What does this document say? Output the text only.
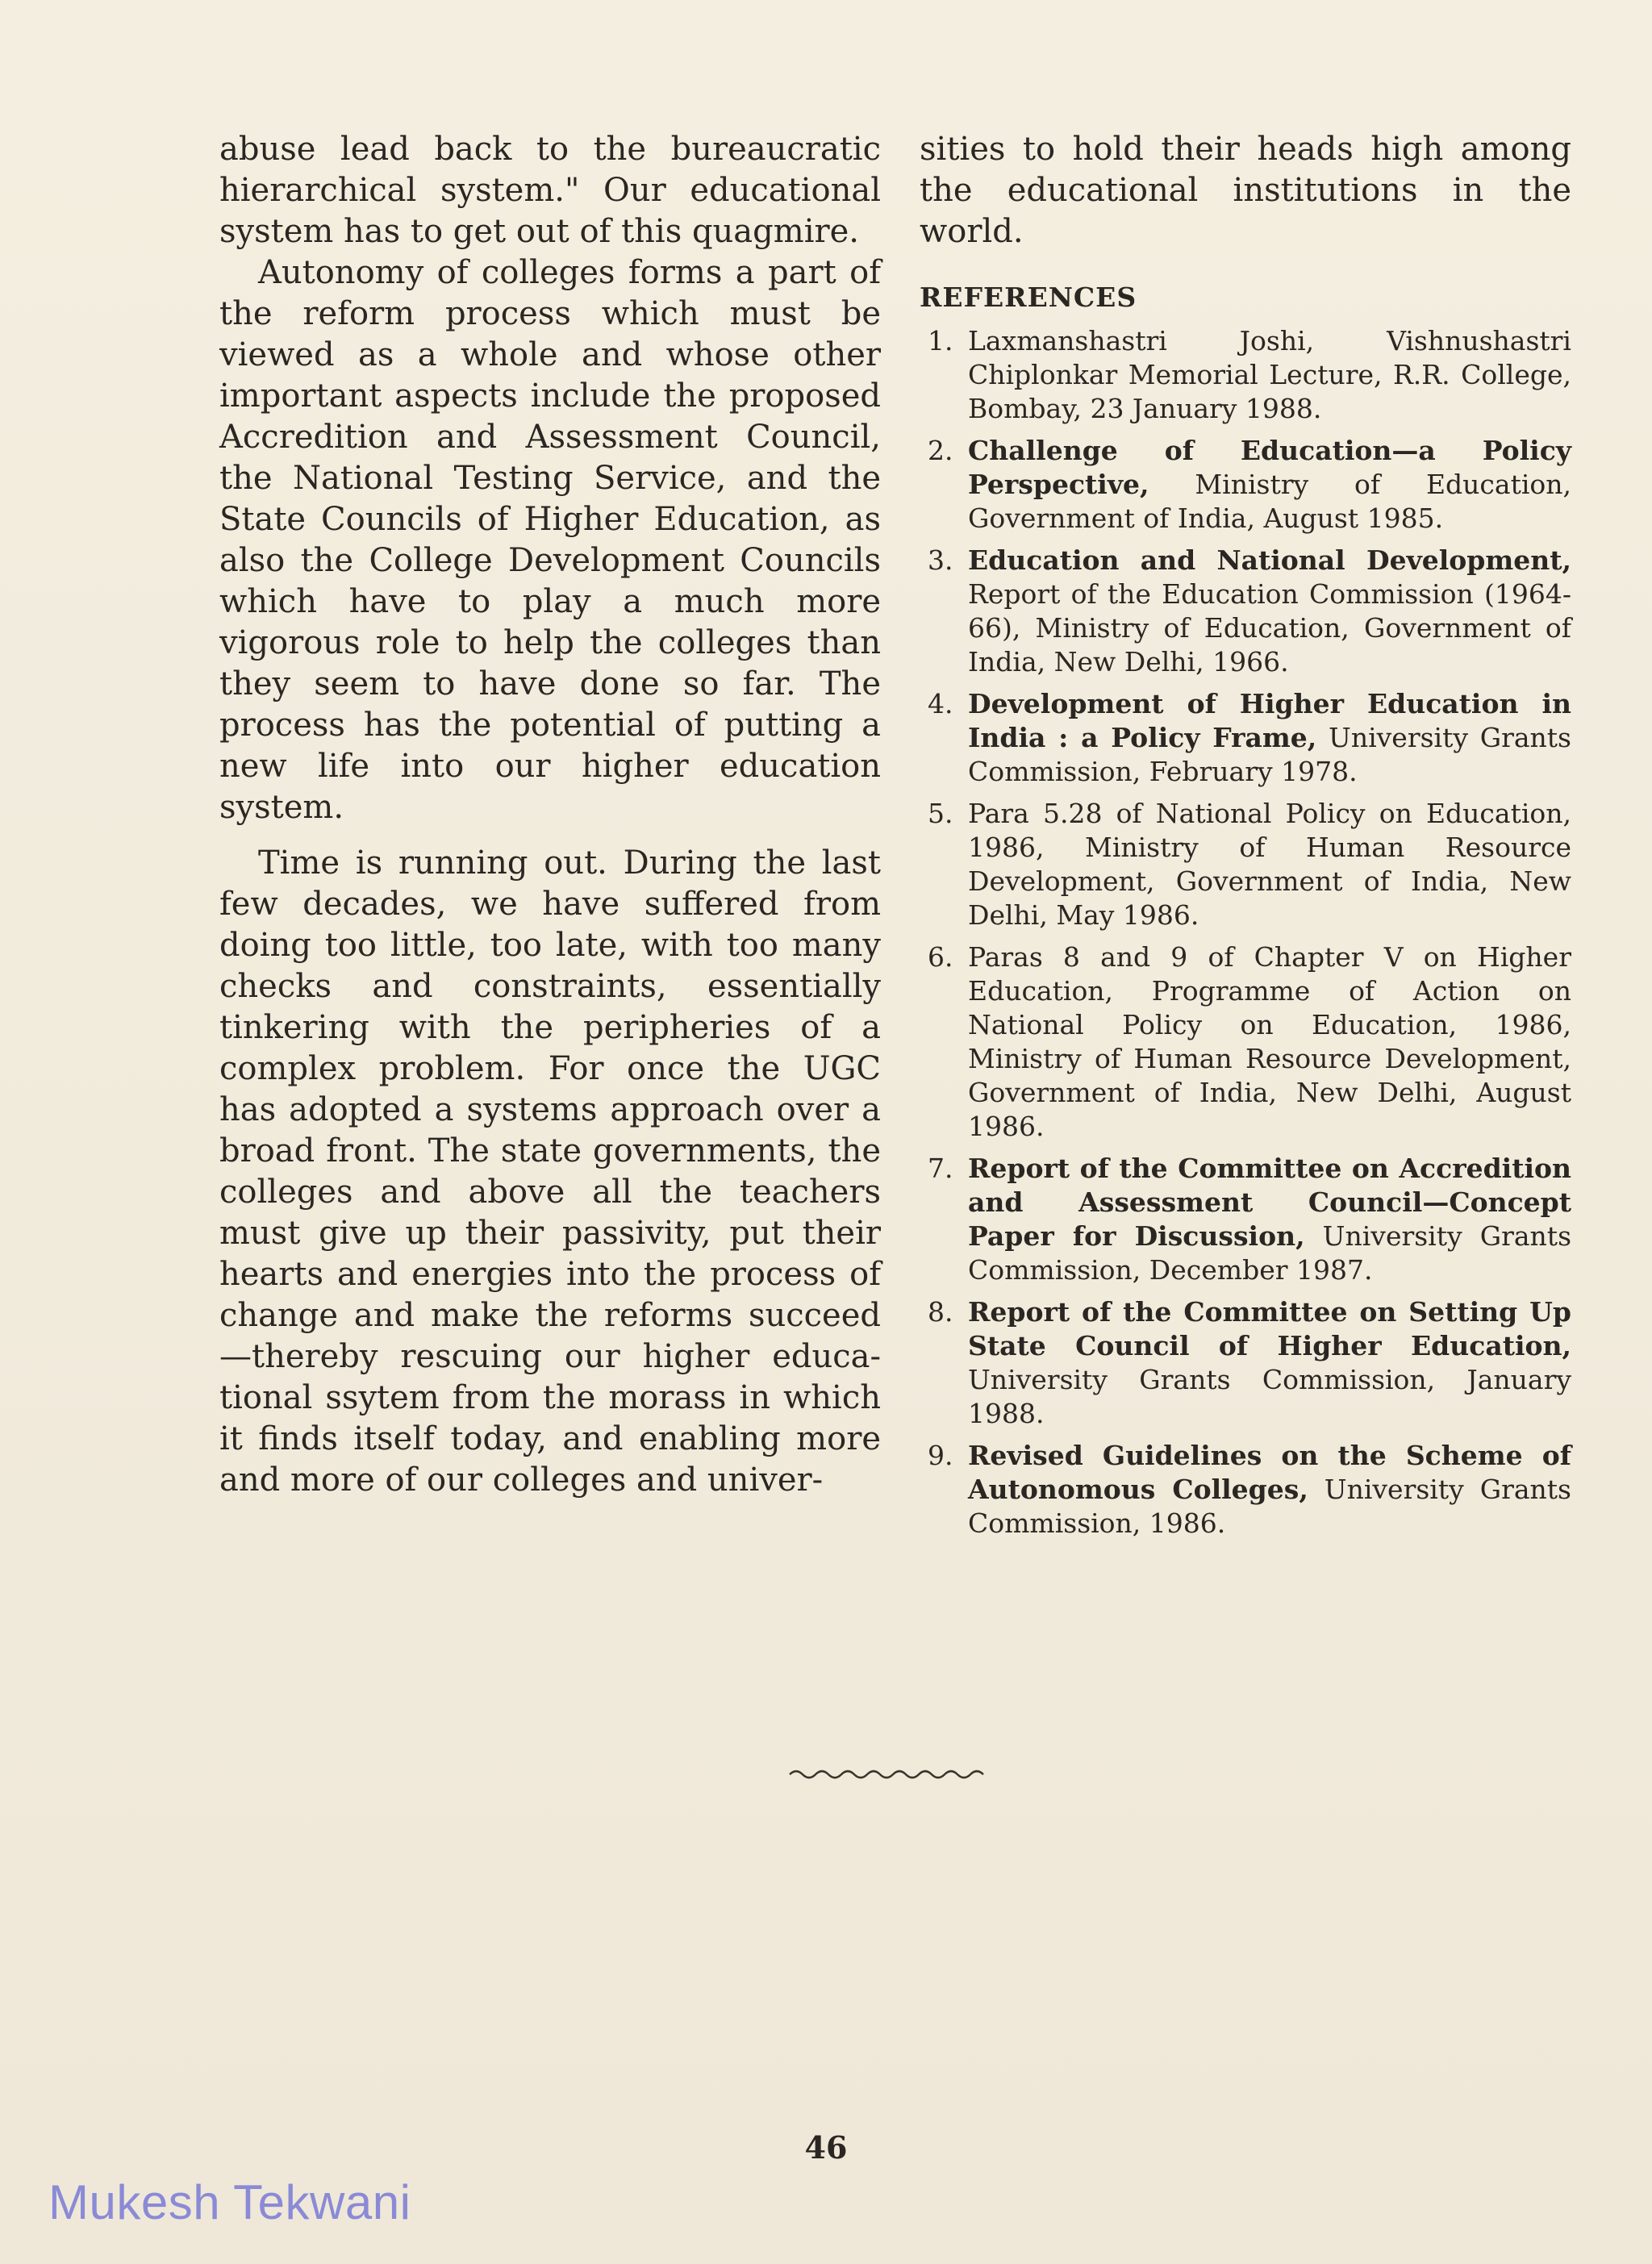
abuse lead back to the bureaucratic hierarchical system." Our educational system has to get out of this quagmire.

Autonomy of colleges forms a part of the reform process which must be viewed as a whole and whose other important aspects include the proposed Accredition and Assessment Council, the National Testing Service, and the State Councils of Higher Education, as also the College Development Councils which have to play a much more vigorous role to help the colleges than they seem to have done so far. The process has the potential of putting a new life into our higher education system.

Time is running out. During the last few decades, we have suffered from doing too little, too late, with too many checks and constraints, essentially tinkering with the peripheries of a complex problem. For once the UGC has adopted a systems approach over a broad front. The state governments, the colleges and above all the teachers must give up their passivity, put their hearts and energies into the process of change and make the reforms succeed —thereby rescuing our higher educational ssytem from the morass in which it finds itself today, and enabling more and more of our colleges and univer-

sities to hold their heads high among the educational institutions in the world.

REFERENCES
1. Laxmanshastri Joshi, Vishnushastri Chiplonkar Memorial Lecture, R.R. College, Bombay, 23 January 1988.
2. Challenge of Education—a Policy Perspective, Ministry of Education, Government of India, August 1985.
3. Education and National Development, Report of the Education Commission (1964-66), Ministry of Education, Government of India, New Delhi, 1966.
4. Development of Higher Education in India : a Policy Frame, University Grants Commission, February 1978.
5. Para 5.28 of National Policy on Education, 1986, Ministry of Human Resource Development, Government of India, New Delhi, May 1986.
6. Paras 8 and 9 of Chapter V on Higher Education, Programme of Action on National Policy on Education, 1986, Ministry of Human Resource Development, Government of India, New Delhi, August 1986.
7. Report of the Committee on Accredition and Assessment Council—Concept Paper for Discussion, University Grants Commission, December 1987.
8. Report of the Committee on Setting Up State Council of Higher Education, University Grants Commission, January 1988.
9. Revised Guidelines on the Scheme of Autonomous Colleges, University Grants Commission, 1986.
46
Mukesh Tekwani
